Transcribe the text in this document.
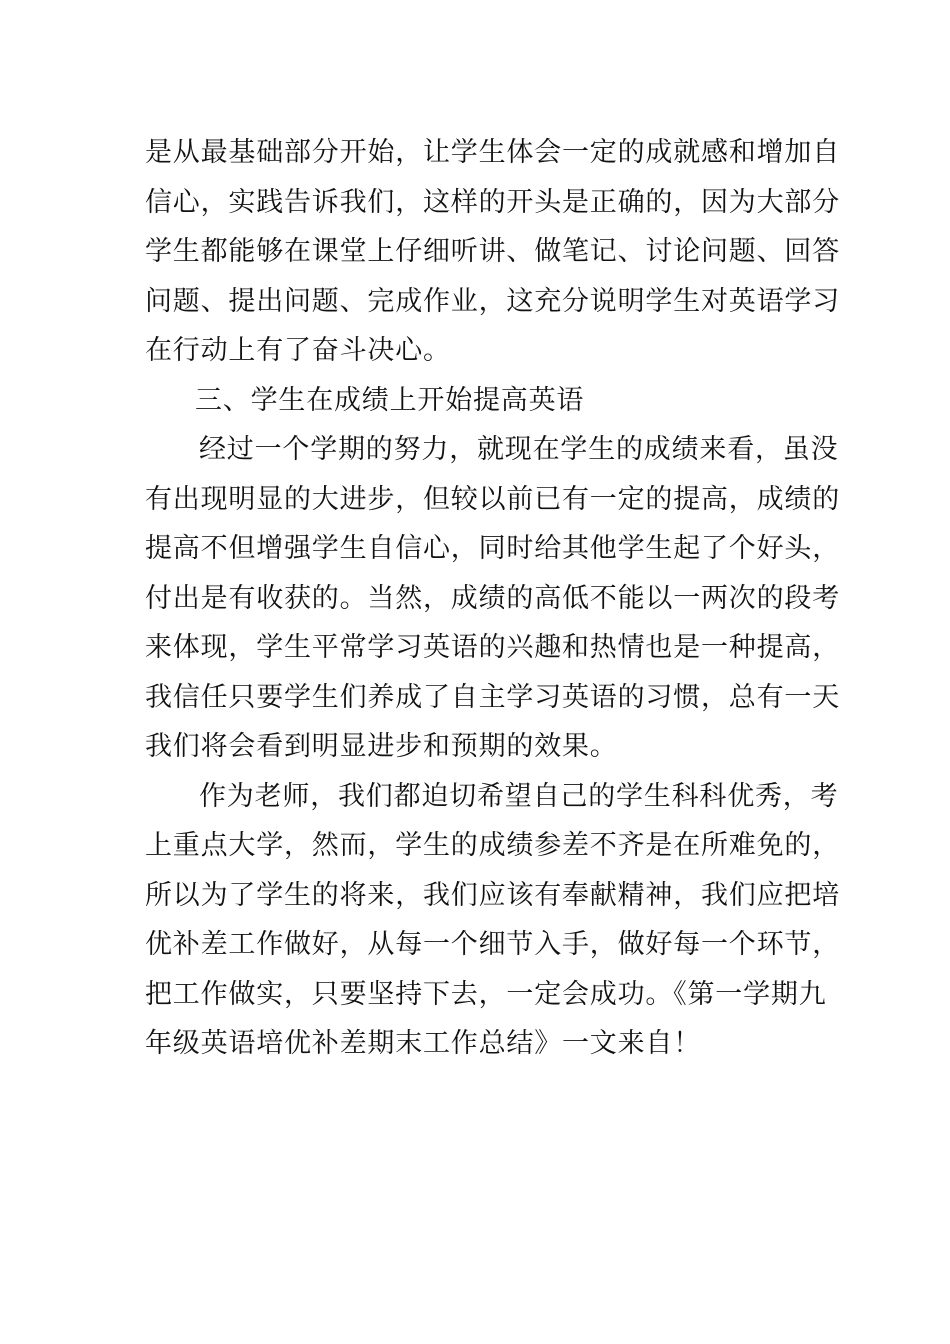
是从最基础部分开始，让学生体会一定的成就感和增加自
信心，实践告诉我们，这样的开头是正确的，因为大部分
学生都能够在课堂上仔细听讲、做笔记、讨论问题、回答
问题、提出问题、完成作业，这充分说明学生对英语学习
在行动上有了奋斗决心。
三、学生在成绩上开始提高英语
经过一个学期的努力，就现在学生的成绩来看，虽没
有出现明显的大进步，但较以前已有一定的提高，成绩的
提高不但增强学生自信心，同时给其他学生起了个好头，
付出是有收获的。当然，成绩的高低不能以一两次的段考
来体现，学生平常学习英语的兴趣和热情也是一种提高，
我信任只要学生们养成了自主学习英语的习惯，总有一天
我们将会看到明显进步和预期的效果。
作为老师，我们都迫切希望自己的学生科科优秀，考
上重点大学，然而，学生的成绩参差不齐是在所难免的，
所以为了学生的将来，我们应该有奉献精神，我们应把培
优补差工作做好，从每一个细节入手，做好每一个环节，
把工作做实，只要坚持下去，一定会成功。《第一学期九
年级英语培优补差期末工作总结》一文来自！
